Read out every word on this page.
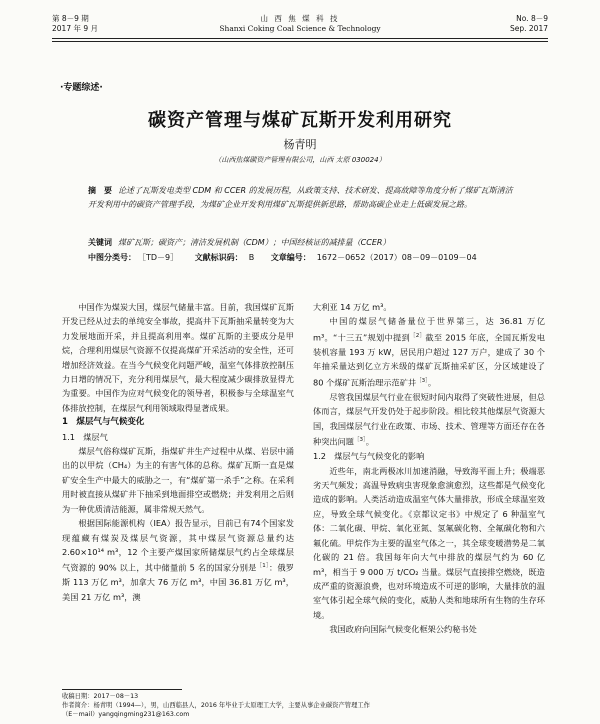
第 8－9 期
2017 年 9 月
山 西 焦 煤 科 技
Shanxi Coking Coal Science & Technology
No. 8－9
Sep. 2017
·专题综述·
碳资产管理与煤矿瓦斯开发利用研究
杨青明
（山西焦煤碳资产管理有限公司，山西 太原 030024）
摘　要 论述了瓦斯发电类型 CDM 和 CCER 的发展历程，从政策支持、技术研发、提高故障等角度分析了煤矿瓦斯清洁开发利用中的碳资产管理手段，为煤矿企业开发利用煤矿瓦斯提供新思路，帮助高碳企业走上低碳发展之路。
关键词 煤矿瓦斯；碳资产；清洁发展机制（CDM）；中国经核证的减排量（CCER）
中图分类号： ［TD－9］ 文献标识码： B 文章编号： 1672－0652（2017）08－09－0109－04

中国作为煤炭大国，煤层气储量丰富。目前，我国煤矿瓦斯开发已经从过去的单纯安全事故，提高井下瓦斯抽采量转变为大力发展地面开采，并且提高利用率。煤矿瓦斯的主要成分是甲烷，合理利用煤层气资源不仅提高煤矿开采活动的安全性，还可增加经济效益。在当今气候变化问题严峻，温室气体排放控制压力日增的情况下，充分利用煤层气，最大程度减少碳排放显得尤为重要。中国作为应对气候变化的领导者，积极参与全球温室气体排放控制，在煤层气利用领域取得显著成果。

1　煤层气与气候变化

1.1　煤层气

煤层气俗称煤矿瓦斯，指煤矿井生产过程中从煤、岩层中涌出的以甲烷（CH₄）为主的有害气体的总称。煤矿瓦斯一直是煤矿安全生产中最大的威胁之一，有“煤矿第一杀手”之称。在采利用时被直接从煤矿井下抽采到地面排空或燃烧；并发利用之后则为一种优质清洁能源，属非常规天然气。

根据国际能源机构（IEA）报告显示，目前已有74个国家发现蕴藏有煤炭及煤层气资源，其中煤层气资源总量约达 2.60×10¹⁴ m³，12 个主要产煤国家所储煤层气约占全球煤层气资源的 90% 以上，其中储量前 5 名的国家分别是$^{[1]}$：俄罗斯 113 万亿 m³，加拿大 76 万亿 m³，中国 36.81 万亿 m³，美国 21 万亿 m³，澳

大利亚 14 万亿 m³。

中国的煤层气储备量位于世界第三，达 36.81 万亿 m³。“十三五”规划中提到$^{[2]}$截至 2015 年底，全国瓦斯发电装机容量 193 万 kW，居民用户超过 127 万户，建成了 30 个年抽采量达到亿立方米级的煤矿瓦斯抽采矿区，分区域建设了 80 个煤矿瓦斯治理示范矿井$^{[3]}$。

尽管我国煤层气行业在很短时间内取得了突破性进展，但总体而言，煤层气开发仍处于起步阶段。相比较其他煤层气资源大国，我国煤层气行业在政策、市场、技术、管理等方面还存在各种突出问题$^{[3]}$。

1.2　煤层气与气候变化的影响

近些年，南北两极冰川加速消融，导致海平面上升；极端恶劣天气频发；高温导致病虫害现象愈演愈烈，这些都是气候变化造成的影响。人类活动造成温室气体大量排放，形成全球温室效应，导致全球气候变化。《京都议定书》中规定了 6 种温室气体：二氧化碳、甲烷、氧化亚氮、氢氟碳化物、全氟碳化物和六氟化硫。甲烷作为主要的温室气体之一，其全球变暖潜势是二氧化碳的 21 倍。我国每年向大气中排放的煤层气约为 60 亿 m³，相当于 9 000 万 t/CO₂ 当量。煤层气直接排空燃烧，既造成严重的资源浪费，也对环境造成不可逆的影响，大量排放的温室气体引起全球气候的变化，威胁人类和地球所有生物的生存环境。

我国政府向国际气候变化框架公约秘书处

收稿日期：2017－08－13
作者简介：杨青明（1994—），男，山西临县人，2016 年毕业于太原理工大学，主要从事企业碳资产管理工作
（E－mail）yangqingming231@163.com
